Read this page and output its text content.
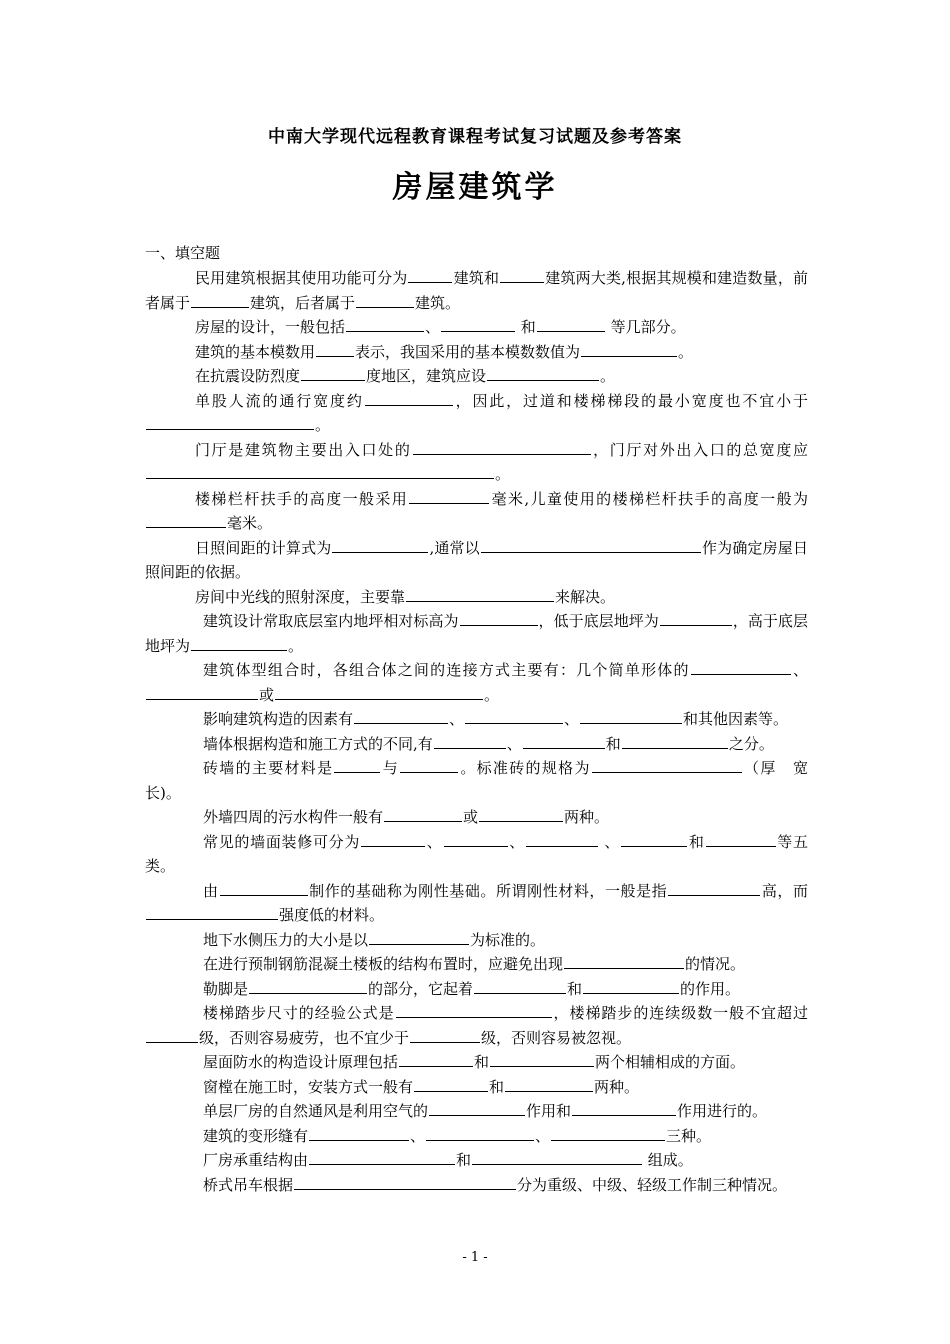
中南大学现代远程教育课程考试复习试题及参考答案
房屋建筑学
一、填空题
民用建筑根据其使用功能可分为	建筑和	建筑两大类,根据其规模和建造数量，前者属于	建筑，后者属于	建筑。
房屋的设计，一般包括	、	和	等几部分。
建筑的基本模数用	表示，我国采用的基本模数数值为	。
在抗震设防烈度	度地区，建筑应设	。
单股人流的通行宽度约	，因此，过道和楼梯梯段的最小宽度也不宜小于。
门厅是建筑物主要出入口处的	，门厅对外出入口的总宽度应。
楼梯栏杆扶手的高度一般采用	毫米,儿童使用的楼梯栏杆扶手的高度一般为毫米。
日照间距的计算式为	,通常以	作为确定房屋日照间距的依据。
房间中光线的照射深度，主要靠	来解决。
建筑设计常取底层室内地坪相对标高为	，低于底层地坪为	，高于底层地坪为	。
建筑体型组合时，各组合体之间的连接方式主要有：几个简单形体的	、或	。
影响建筑构造的因素有	、	、	和其他因素等。
墙体根据构造和施工方式的不同,有	、	和	之分。
砖墙的主要材料是	与	。标准砖的规格为	（厚　宽　长)。
外墙四周的污水构件一般有	或	两种。
常见的墙面装修可分为	、	、	、	和	等五类。
由	制作的基础称为刚性基础。所谓刚性材料，一般是指	高，而强度低的材料。
地下水侧压力的大小是以	为标准的。
在进行预制钢筋混凝土楼板的结构布置时，应避免出现	的情况。
勒脚是	的部分，它起着	和	的作用。
楼梯踏步尺寸的经验公式是	，楼梯踏步的连续级数一般不宜超过级，否则容易疲劳，也不宜少于	级，否则容易被忽视。
屋面防水的构造设计原理包括	和	两个相辅相成的方面。
窗樘在施工时，安装方式一般有	和	两种。
单层厂房的自然通风是利用空气的	作用和	作用进行的。
建筑的变形缝有	、	、	三种。
厂房承重结构由	和	组成。
桥式吊车根据	分为重级、中级、轻级工作制三种情况。
- 1 -
